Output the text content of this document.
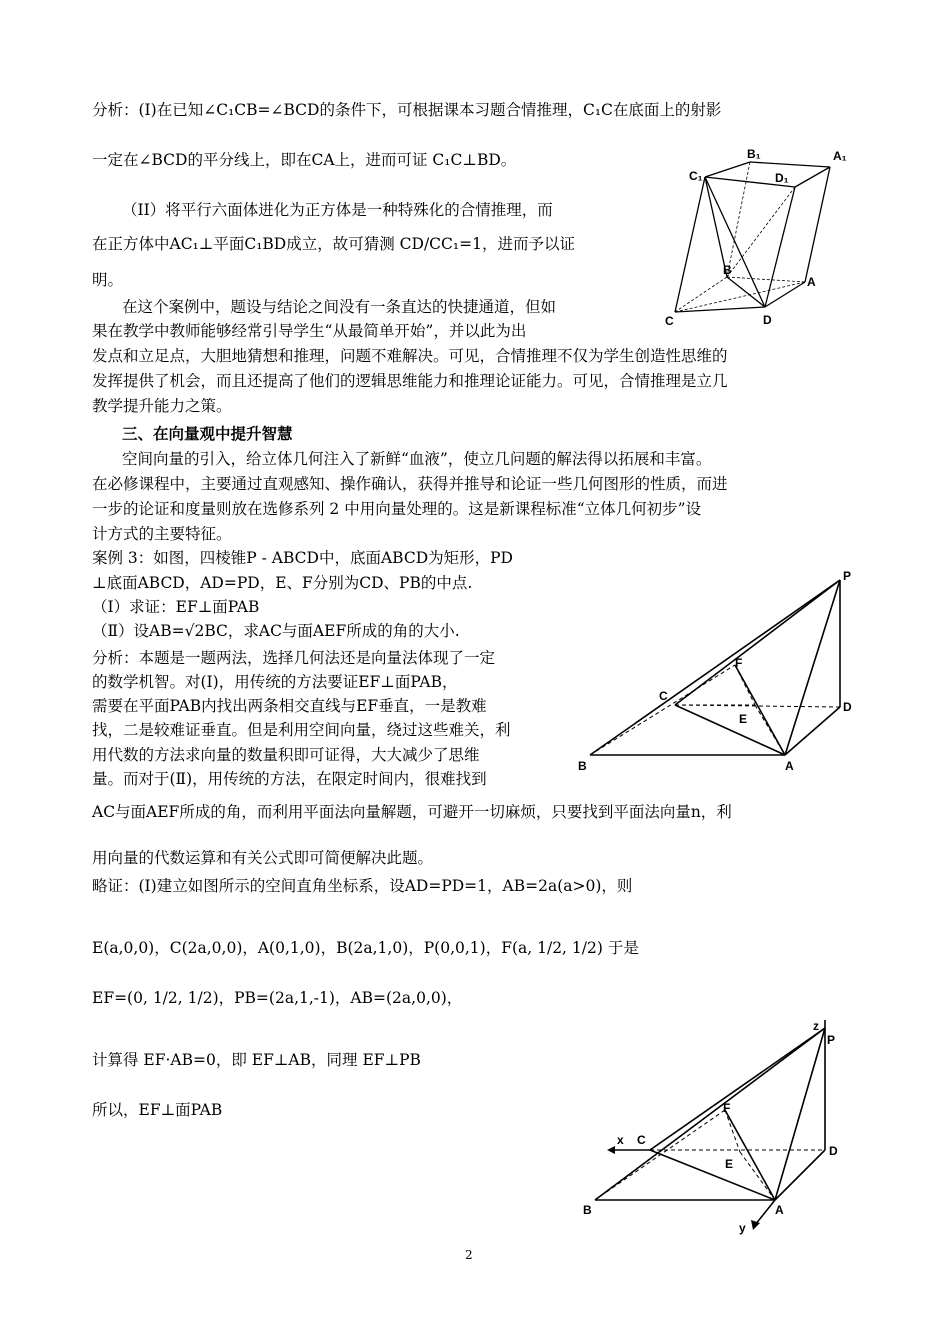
分析：(Ⅰ)在已知∠C₁CB=∠BCD的条件下，可根据课本习题合情推理，C₁C在底面上的射影
一定在∠BCD的平分线上，即在CA上，进而可证 C₁C⊥BD。
（II）将平行六面体进化为正方体是一种特殊化的合情推理，而
在正方体中AC₁⊥平面C₁BD成立，故可猜测 CD/CC₁=1，进而予以证
明。
在这个案例中，题设与结论之间没有一条直达的快捷通道，但如
果在教学中教师能够经常引导学生“从最简单开始”，并以此为出
发点和立足点，大胆地猜想和推理，问题不难解决。可见，合情推理不仅为学生创造性思维的
发挥提供了机会，而且还提高了他们的逻辑思维能力和推理论证能力。可见，合情推理是立几
教学提升能力之策。
三、在向量观中提升智慧
空间向量的引入，给立体几何注入了新鲜“血液”，使立几问题的解法得以拓展和丰富。
在必修课程中，主要通过直观感知、操作确认，获得并推导和论证一些几何图形的性质，而进
一步的论证和度量则放在选修系列 2 中用向量处理的。这是新课程标准“立体几何初步”设
计方式的主要特征。
案例 3：如图，四棱锥P - ABCD中，底面ABCD为矩形，PD
⊥底面ABCD，AD=PD，E、F分别为CD、PB的中点.
（Ⅰ）求证：EF⊥面PAB
（Ⅱ）设AB=√2BC，求AC与面AEF所成的角的大小.
分析：本题是一题两法，选择几何法还是向量法体现了一定
的数学机智。对(Ⅰ)，用传统的方法要证EF⊥面PAB，
需要在平面PAB内找出两条相交直线与EF垂直，一是教难
找，二是较难证垂直。但是利用空间向量，绕过这些难关，利
用代数的方法求向量的数量积即可证得，大大减少了思维
量。而对于(Ⅱ)，用传统的方法，在限定时间内，很难找到
AC与面AEF所成的角，而利用平面法向量解题，可避开一切麻烦，只要找到平面法向量n，利
用向量的代数运算和有关公式即可简便解决此题。
略证：(Ⅰ)建立如图所示的空间直角坐标系，设AD=PD=1，AB=2a(a>0)，则
E(a,0,0)，C(2a,0,0)，A(0,1,0)，B(2a,1,0)，P(0,0,1)，F(a, 1/2, 1/2) 于是
EF=(0, 1/2, 1/2)，PB=(2a,1,-1)，AB=(2a,0,0)，
计算得 EF·AB=0，即 EF⊥AB，同理 EF⊥PB
所以，EF⊥面PAB
B₁	A₁
C₁	D₁
B
A
C	D
P
F
C
E
D
B	A
z
P
F
x C
E
D
B	A
y
2
